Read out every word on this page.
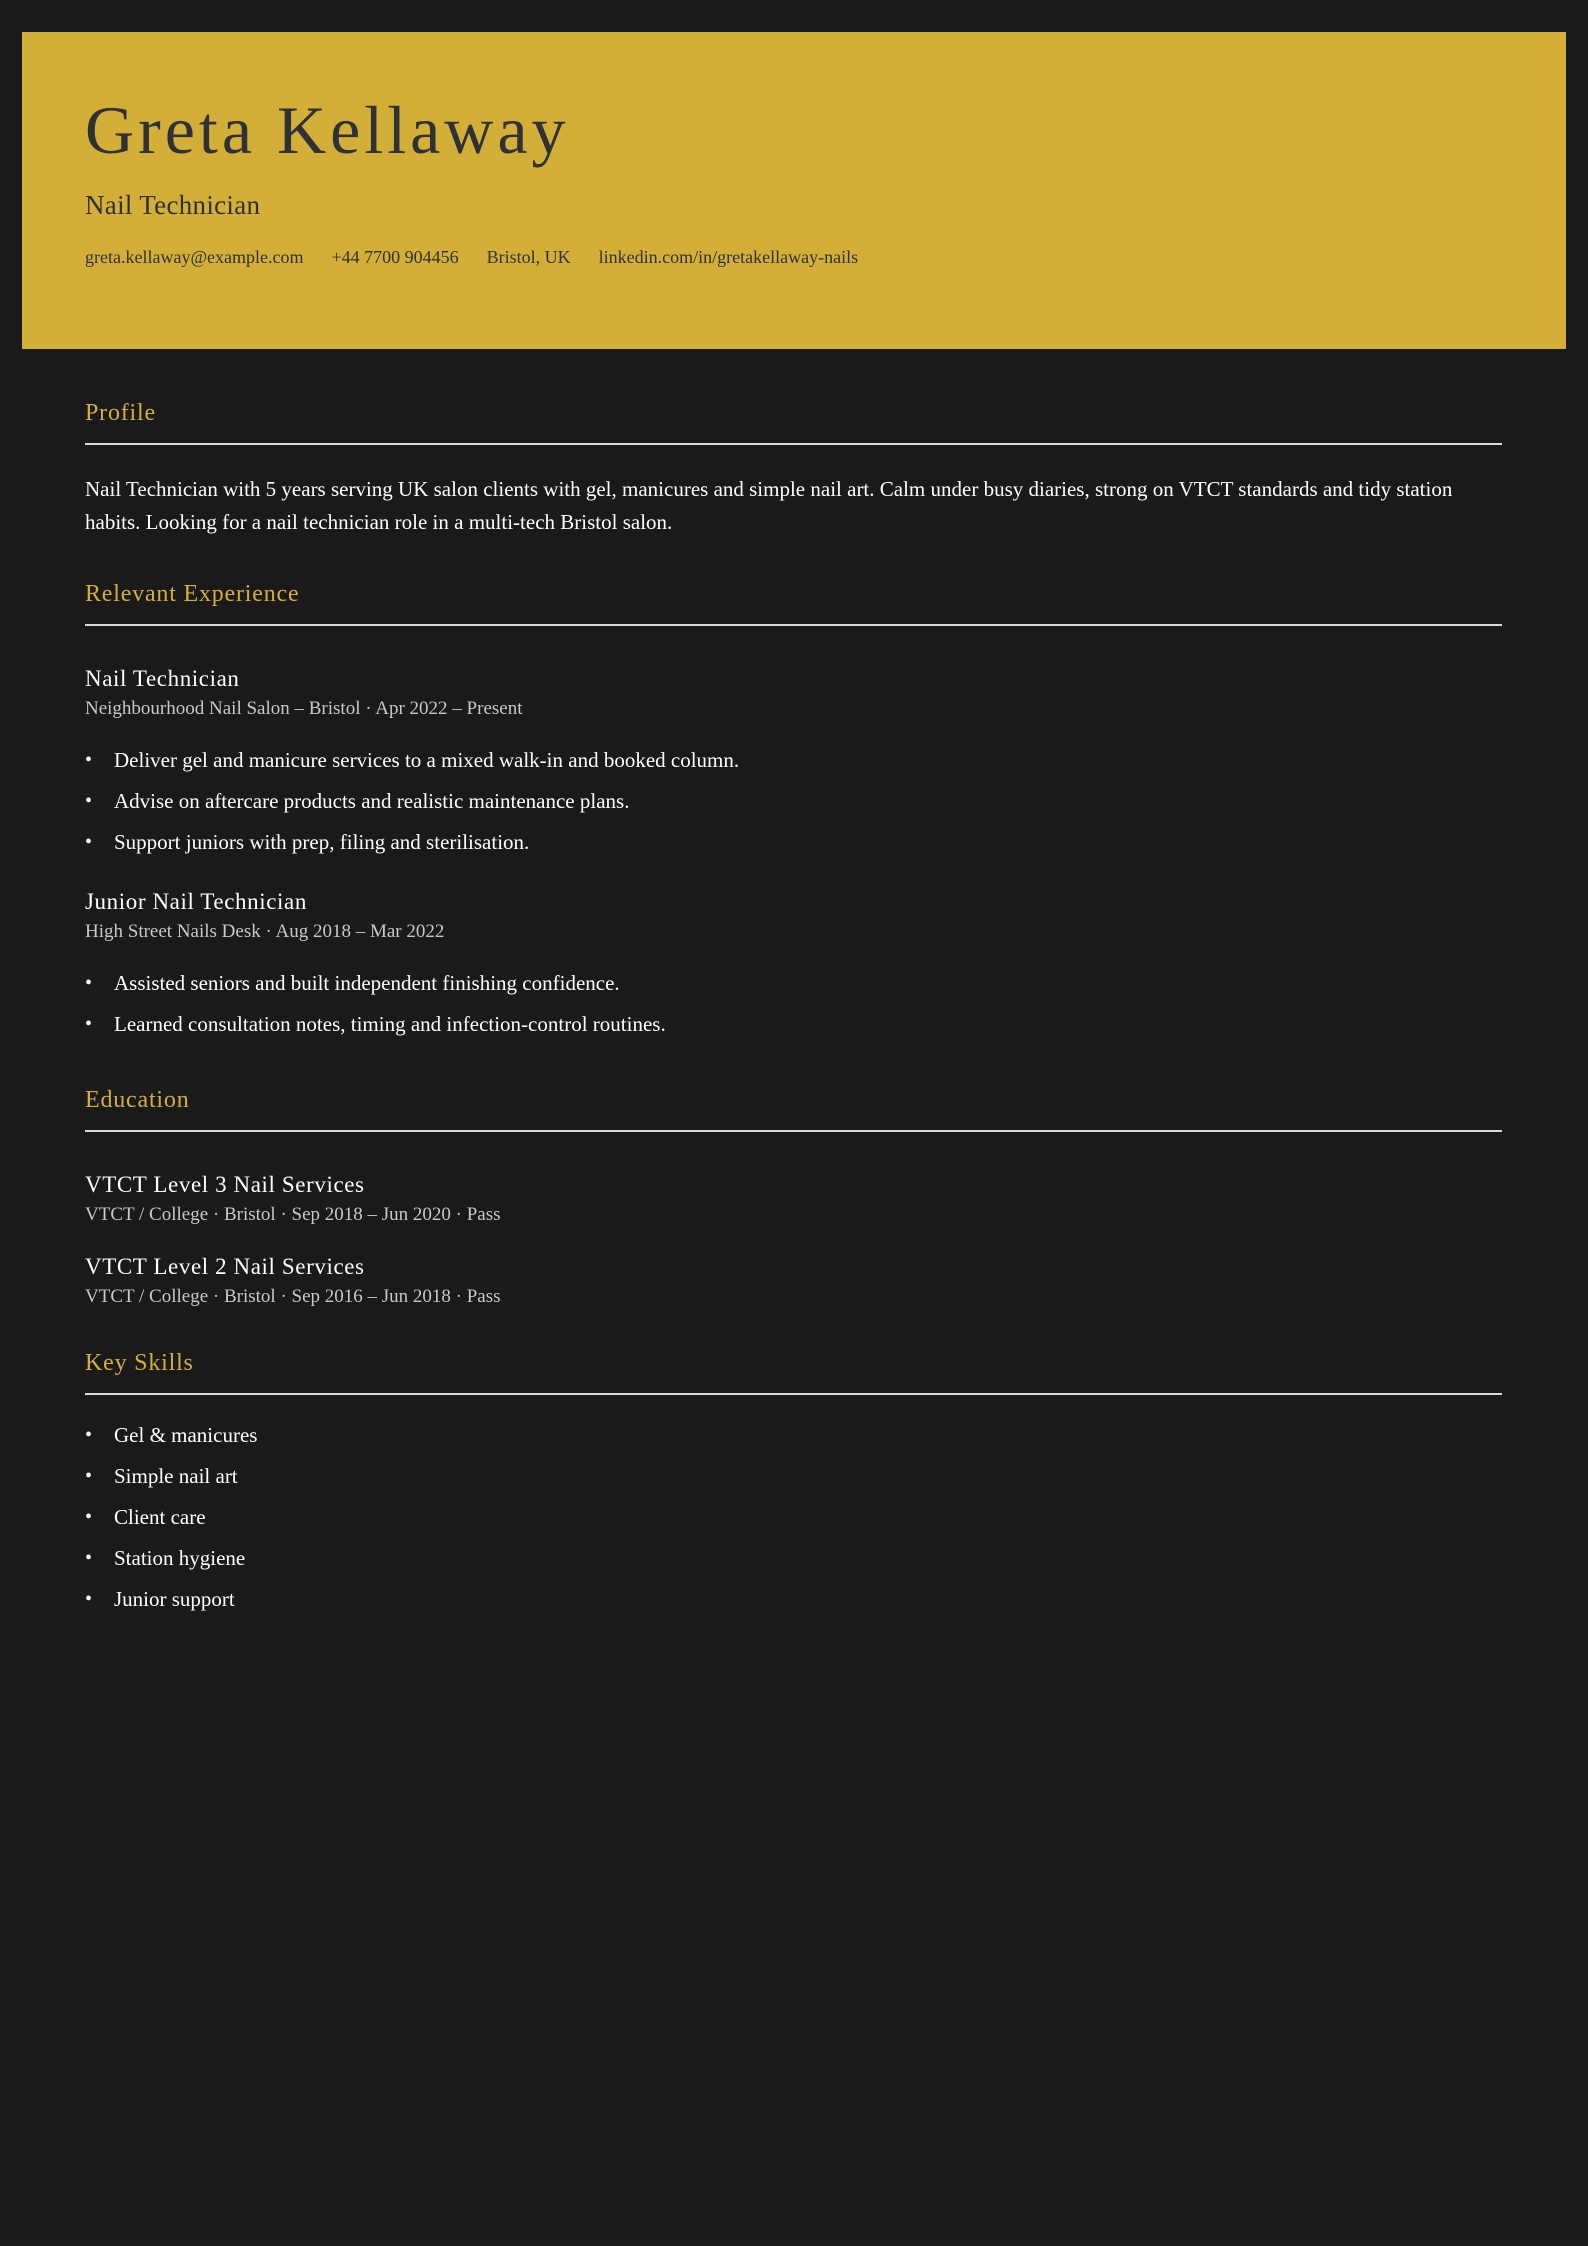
Greta Kellaway
Nail Technician
greta.kellaway@example.com +44 7700 904456 Bristol, UK linkedin.com/in/gretakellaway-nails
Profile

Nail Technician with 5 years serving UK salon clients with gel, manicures and simple nail art. Calm under busy diaries, strong on VTCT standards and tidy station habits. Looking for a nail technician role in a multi-tech Bristol salon.

Relevant Experience
Nail Technician
Neighbourhood Nail Salon – Bristol · Apr 2022 – Present
• Deliver gel and manicure services to a mixed walk-in and booked column.
• Advise on aftercare products and realistic maintenance plans.
• Support juniors with prep, filing and sterilisation.
Junior Nail Technician
High Street Nails Desk · Aug 2018 – Mar 2022
• Assisted seniors and built independent finishing confidence.
• Learned consultation notes, timing and infection-control routines.
Education
VTCT Level 3 Nail Services
VTCT / College · Bristol · Sep 2018 – Jun 2020 · Pass
VTCT Level 2 Nail Services
VTCT / College · Bristol · Sep 2016 – Jun 2018 · Pass
Key Skills
• Gel & manicures
• Simple nail art
• Client care
• Station hygiene
• Junior support
